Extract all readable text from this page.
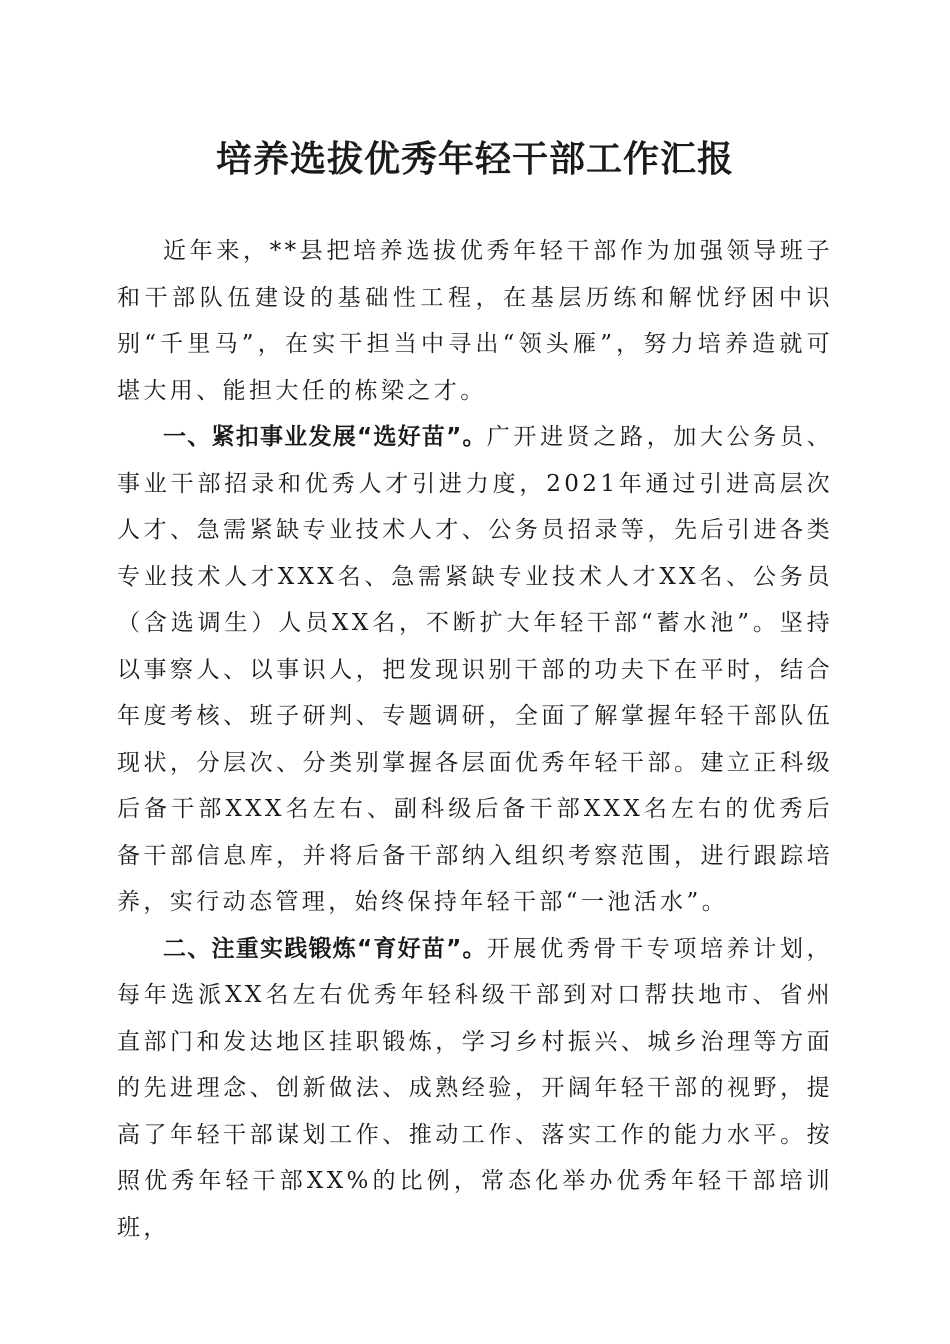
培养选拔优秀年轻干部工作汇报

近年来，**县把培养选拔优秀年轻干部作为加强领导班子和干部队伍建设的基础性工程，在基层历练和解忧纾困中识别“千里马”，在实干担当中寻出“领头雁”，努力培养造就可堪大用、能担大任的栋梁之才。

一、紧扣事业发展“选好苗”。广开进贤之路，加大公务员、事业干部招录和优秀人才引进力度，2021年通过引进高层次人才、急需紧缺专业技术人才、公务员招录等，先后引进各类专业技术人才XXX名、急需紧缺专业技术人才XX名、公务员（含选调生）人员XX名，不断扩大年轻干部“蓄水池”。坚持以事察人、以事识人，把发现识别干部的功夫下在平时，结合年度考核、班子研判、专题调研，全面了解掌握年轻干部队伍现状，分层次、分类别掌握各层面优秀年轻干部。建立正科级后备干部XXX名左右、副科级后备干部XXX名左右的优秀后备干部信息库，并将后备干部纳入组织考察范围，进行跟踪培养，实行动态管理，始终保持年轻干部“一池活水”。

二、注重实践锻炼“育好苗”。开展优秀骨干专项培养计划，每年选派XX名左右优秀年轻科级干部到对口帮扶地市、省州直部门和发达地区挂职锻炼，学习乡村振兴、城乡治理等方面的先进理念、创新做法、成熟经验，开阔年轻干部的视野，提高了年轻干部谋划工作、推动工作、落实工作的能力水平。按照优秀年轻干部XX%的比例，常态化举办优秀年轻干部培训班，
